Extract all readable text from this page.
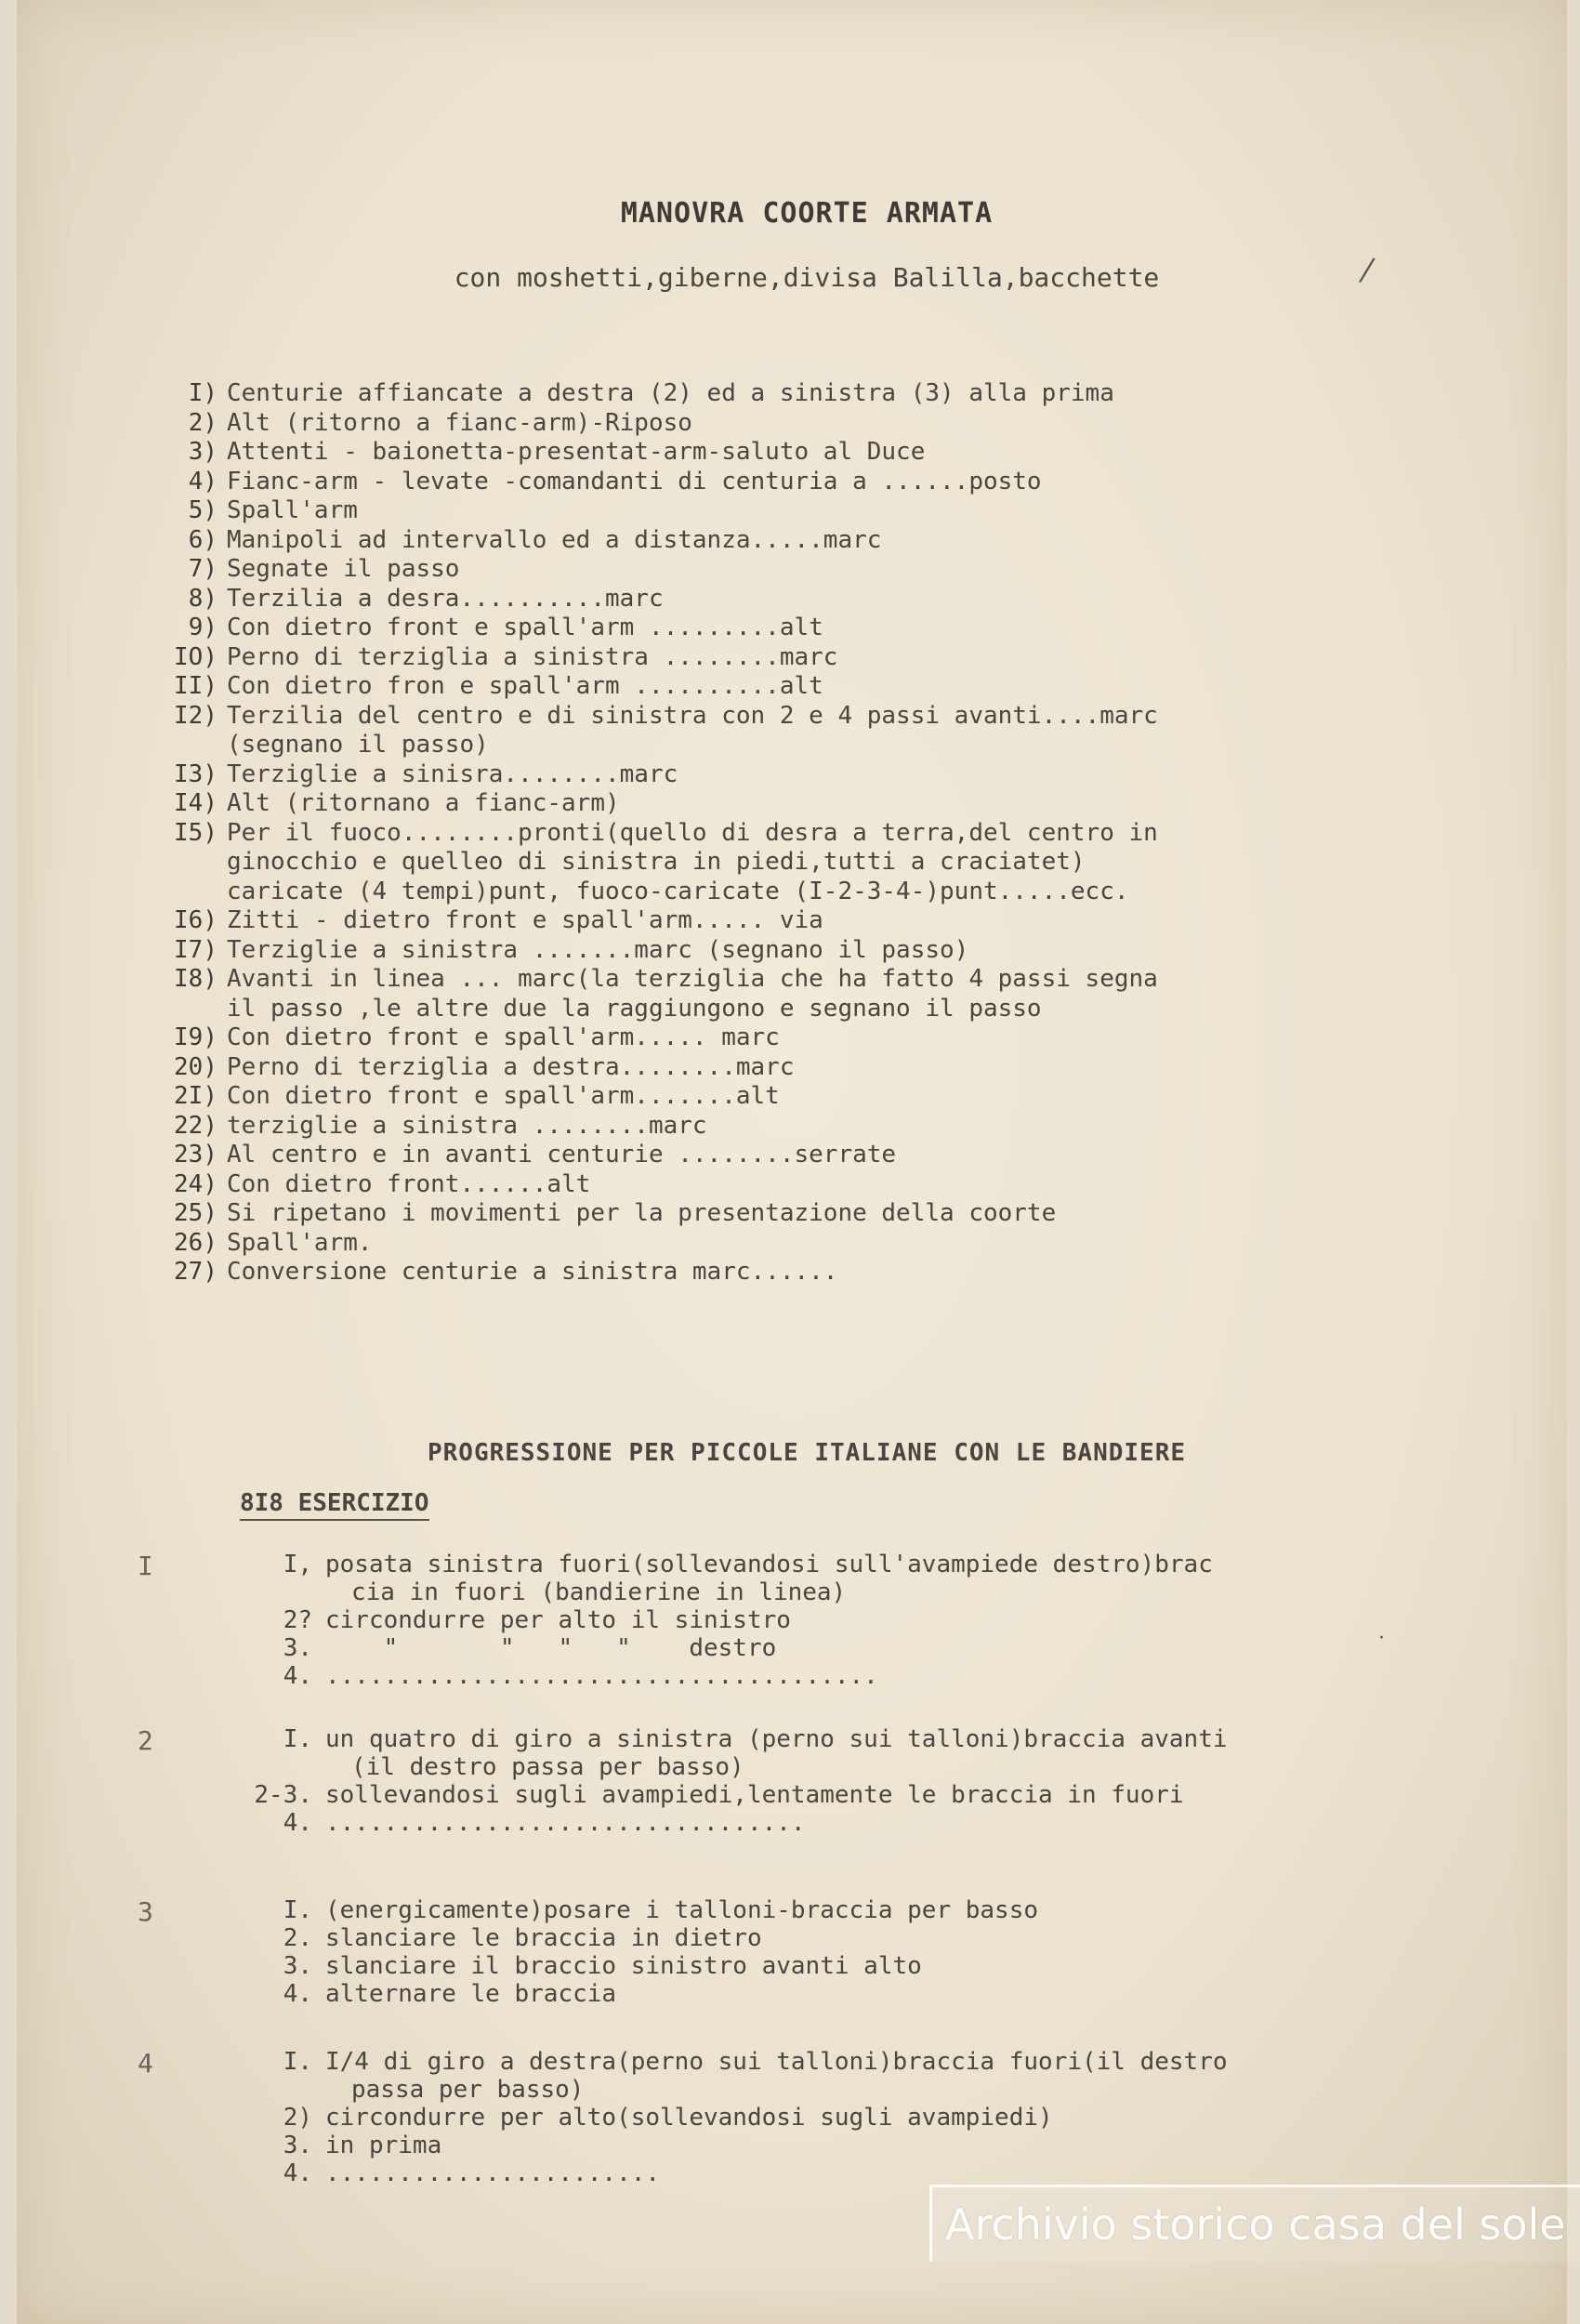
MANOVRA COORTE ARMATA
con moshetti,giberne,divisa Balilla,bacchette	⁄
·
I) Centurie affiancate a destra (2) ed a sinistra (3) alla prima
2) Alt (ritorno a fianc-arm)-Riposo
3) Attenti - baionetta-presentat-arm-saluto al Duce
4) Fianc-arm - levate -comandanti di centuria a ......posto
5) Spall'arm
6) Manipoli ad intervallo ed a distanza.....marc
7) Segnate il passo
8) Terzilia a desra..........marc
9) Con dietro front e spall'arm .........alt
IO) Perno di terziglia a sinistra ........marc
II) Con dietro fron e spall'arm ..........alt
I2) Terzilia del centro e di sinistra con 2 e 4 passi avanti....marc
(segnano il passo)
I3) Terziglie a sinisra........marc
I4) Alt (ritornano a fianc-arm)
I5) Per il fuoco........pronti(quello di desra a terra,del centro in
ginocchio e quelleo di sinistra in piedi,tutti a craciatet)
caricate (4 tempi)punt, fuoco-caricate (I-2-3-4-)punt.....ecc.
I6) Zitti - dietro front e spall'arm..... via
I7) Terziglie a sinistra .......marc (segnano il passo)
I8) Avanti in linea ... marc(la terziglia che ha fatto 4 passi segna
il passo ,le altre due la raggiungono e segnano il passo
I9) Con dietro front e spall'arm..... marc
20) Perno di terziglia a destra........marc
2I) Con dietro front e spall'arm.......alt
22) terziglie a sinistra ........marc
23) Al centro e in avanti centurie ........serrate
24) Con dietro front......alt
25) Si ripetano i movimenti per la presentazione della coorte
26) Spall'arm.
27) Conversione centurie a sinistra marc......
PROGRESSIONE PER PICCOLE ITALIANE CON LE BANDIERE
8I8 ESERCIZIO
I	I, posata sinistra fuori(sollevandosi sull'avampiede destro)brac
cia in fuori (bandierine in linea)
2? circondurre per alto il sinistro
3. "       "   "   "    destro
4. ......................................
2	I. un quatro di giro a sinistra (perno sui talloni)braccia avanti
(il destro passa per basso)
2-3. sollevandosi sugli avampiedi,lentamente le braccia in fuori
4. .................................
3	I. (energicamente)posare i talloni-braccia per basso
2. slanciare le braccia in dietro
3. slanciare il braccio sinistro avanti alto
4. alternare le braccia
4	I. I/4 di giro a destra(perno sui talloni)braccia fuori(il destro
passa per basso)
2) circondurre per alto(sollevandosi sugli avampiedi)
3. in prima
4. .......................
Archivio storico casa del sole
